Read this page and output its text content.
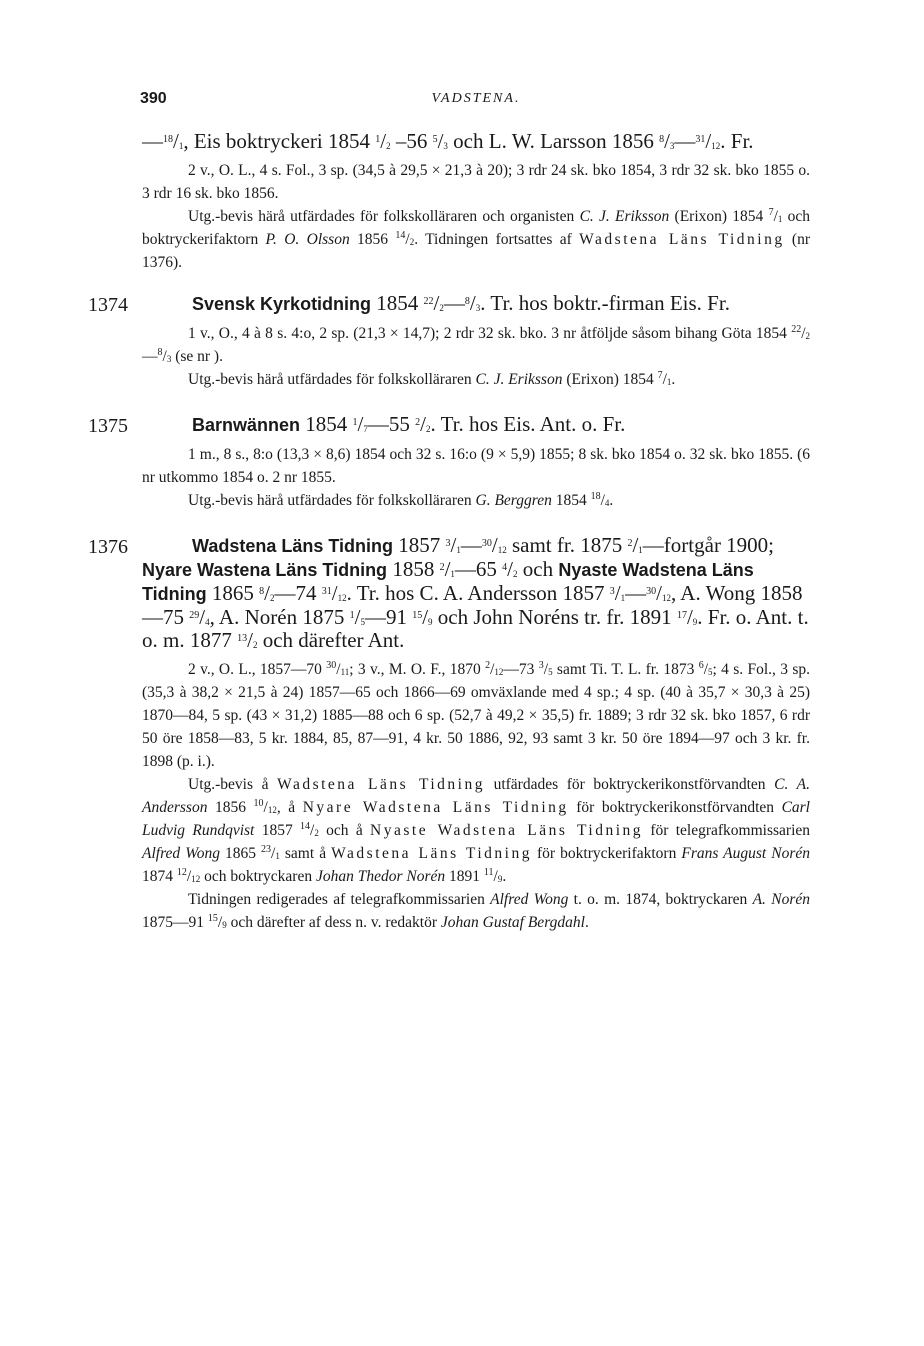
390	VADSTENA.

$—^{18}/_1$, Eis boktryckeri 1854 $^1/_2$ –56 $^5/_3$ och L. W. Larsson 1856 $^8/_3—^{31}/_{12}$. Fr.

2 v., O. L., 4 s. Fol., 3 sp. (34,5 à 29,5 × 21,3 à 20); 3 rdr 24 sk. bko 1854, 3 rdr 32 sk. bko 1855 o. 3 rdr 16 sk. bko 1856.

Utg.-bevis härå utfärdades för folkskolläraren och organisten C. J. Eriksson (Erixon) 1854 $^7/_1$ och boktryckerifaktorn P. O. Olsson 1856 $^{14}/_2$. Tidningen fortsattes af Wadstena Läns Tidning (nr 1376).

1374	Svensk Kyrkotidning 1854 $^{22}/_2—^8/_3$. Tr. hos boktr.-firman Eis. Fr.

1 v., O., 4 à 8 s. 4:o, 2 sp. (21,3 × 14,7); 2 rdr 32 sk. bko. 3 nr åtföljde såsom bihang Göta 1854 $^{22}/_2—^8/_3$ (se nr ).

Utg.-bevis härå utfärdades för folkskolläraren C. J. Eriksson (Erixon) 1854 $^7/_1$.

1375	Barnwännen 1854 $^1/_7—55$ $^2/_2$. Tr. hos Eis. Ant. o. Fr.

1 m., 8 s., 8:o (13,3 × 8,6) 1854 och 32 s. 16:o (9 × 5,9) 1855; 8 sk. bko 1854 o. 32 sk. bko 1855. (6 nr utkommo 1854 o. 2 nr 1855.

Utg.-bevis härå utfärdades för folkskolläraren G. Berggren 1854 $^{18}/_4$.

1376	Wadstena Läns Tidning 1857 $^3/_1—^{30}/_{12}$ samt fr. 1875 $^2/_1—fortgår$ 1900; Nyare Wastena Läns Tidning 1858 $^2/_1—65$ $^4/_2$ och Nyaste Wadstena Läns Tidning 1865 $^8/_2—74$ $^{31}/_{12}$. Tr. hos C. A. Andersson 1857 $^3/_1—^{30}/_{12}$, A. Wong 1858—75 $^{29}/_4$, A. Norén 1875 $^1/_5—91$ $^{15}/_9$ och John Noréns tr. fr. 1891 $^{17}/_9$. Fr. o. Ant. t. o. m. 1877 $^{13}/_2$ och därefter Ant.

2 v., O. L., 1857—70 $^{30}/_{11}$; 3 v., M. O. F., 1870 $^2/_{12}—73$ $^3/_5$ samt Ti. T. L. fr. 1873 $^6/_5$; 4 s. Fol., 3 sp. (35,3 à 38,2 × 21,5 à 24) 1857—65 och 1866—69 omväxlande med 4 sp.; 4 sp. (40 à 35,7 × 30,3 à 25) 1870—84, 5 sp. (43 × 31,2) 1885—88 och 6 sp. (52,7 à 49,2 × 35,5) fr. 1889; 3 rdr 32 sk. bko 1857, 6 rdr 50 öre 1858—83, 5 kr. 1884, 85, 87—91, 4 kr. 50 1886, 92, 93 samt 3 kr. 50 öre 1894—97 och 3 kr. fr. 1898 (p. i.).

Utg.-bevis å Wadstena Läns Tidning utfärdades för boktryckerikonstförvandten C. A. Andersson 1856 $^{10}/_{12}$, å Nyare Wadstena Läns Tidning för boktryckerikonstförvandten Carl Ludvig Rundqvist 1857 $^{14}/_2$ och å Nyaste Wadstena Läns Tidning för telegrafkommissarien Alfred Wong 1865 $^{23}/_1$ samt å Wadstena Läns Tidning för boktryckerifaktorn Frans August Norén 1874 $^{12}/_{12}$ och boktryckaren Johan Thedor Norén 1891 $^{11}/_9$.

Tidningen redigerades af telegrafkommissarien Alfred Wong t. o. m. 1874, boktryckaren A. Norén 1875—91 $^{15}/_9$ och därefter af dess n. v. redaktör Johan Gustaf Bergdahl.
